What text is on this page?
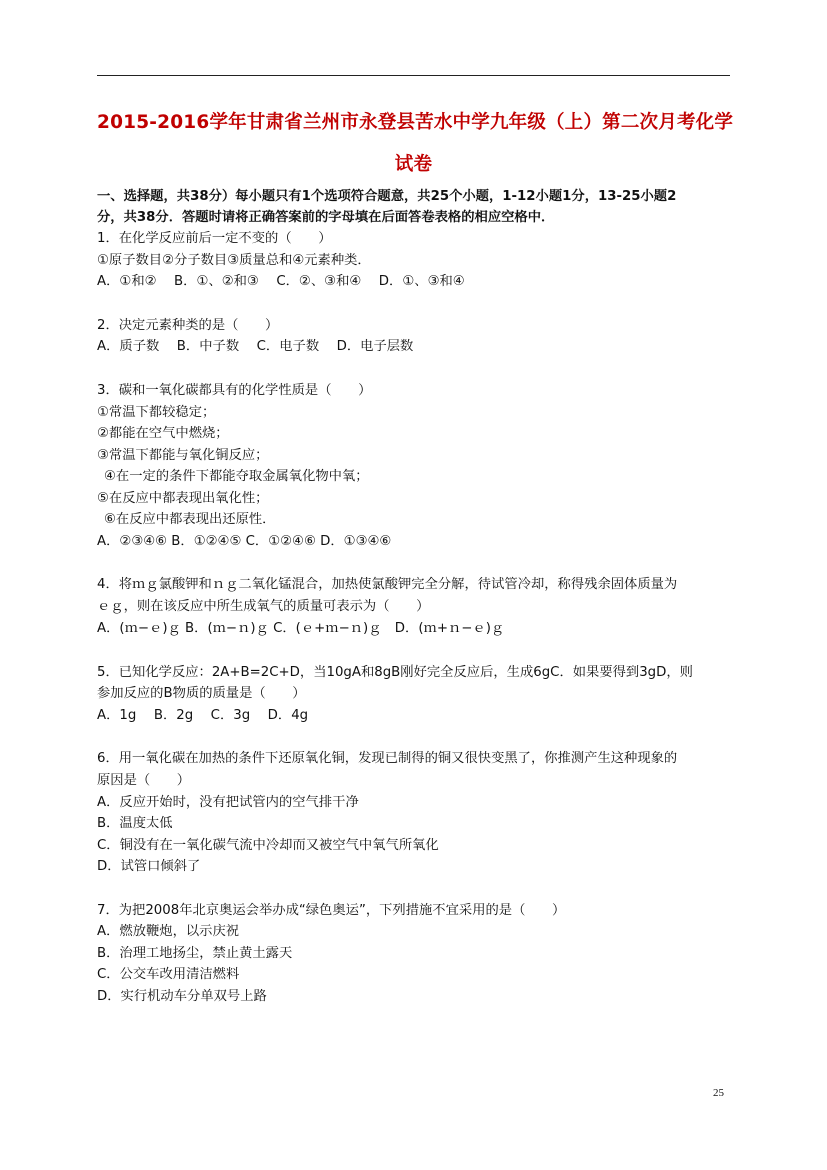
2015-2016学年甘肃省兰州市永登县苦水中学九年级（上）第二次月考化学
试卷
一、选择题，共38分）每小题只有1个选项符合题意，共25个小题，1-12小题1分，13-25小题2
分，共38分．答题时请将正确答案前的字母填在后面答卷表格的相应空格中．
1．在化学反应前后一定不变的（　　）
①原子数目②分子数目③质量总和④元素种类．
A．①和②　 B．①、②和③　 C．②、③和④　 D．①、③和④
2．决定元素种类的是（　　）
A．质子数　 B．中子数　 C．电子数　 D．电子层数
3．碳和一氧化碳都具有的化学性质是（　　）
①常温下都较稳定；
②都能在空气中燃烧；
③常温下都能与氧化铜反应；
④在一定的条件下都能夺取金属氧化物中氧；
⑤在反应中都表现出氧化性；
⑥在反应中都表现出还原性．
A．②③④⑥ B．①②④⑤ C．①②④⑥ D．①③④⑥
4．将ｍｇ氯酸钾和ｎｇ二氧化锰混合，加热使氯酸钾完全分解，待试管冷却，称得残余固体质量为
ｅｇ，则在该反应中所生成氧气的质量可表示为（　　）
A．(ｍ−ｅ)ｇ B．(ｍ−ｎ)ｇ C．(ｅ+ｍ−ｎ)ｇ　D．(ｍ+ｎ−ｅ)ｇ
5．已知化学反应：2A+B=2C+D，当10gA和8gB刚好完全反应后，生成6gC．如果要得到3gD，则
参加反应的B物质的质量是（　　）
A．1g　 B．2g　 C．3g　 D．4g
6．用一氧化碳在加热的条件下还原氧化铜，发现已制得的铜又很快变黑了，你推测产生这种现象的
原因是（　　）
A．反应开始时，没有把试管内的空气排干净
B．温度太低
C．铜没有在一氧化碳气流中冷却而又被空气中氧气所氧化
D．试管口倾斜了
7．为把2008年北京奥运会举办成“绿色奥运”，下列措施不宜采用的是（　　）
A．燃放鞭炮，以示庆祝
B．治理工地扬尘，禁止黄土露天
C．公交车改用清洁燃料
D．实行机动车分单双号上路
25
